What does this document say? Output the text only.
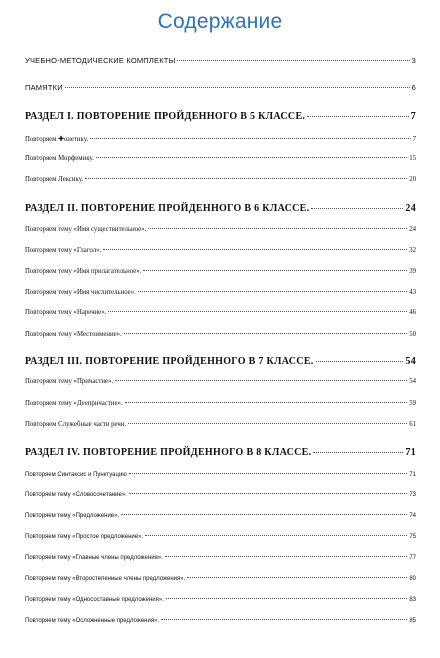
Содержание
УЧЕБНО-МЕТОДИЧЕСКИЕ КОМПЛЕКТЫ	3
ПАМЯТКИ	6
РАЗДЕЛ I. ПОВТОРЕНИЕ ПРОЙДЕННОГО В 5 КЛАССЕ.	7
Повторяем ✚онетику.	7
Повторяем Морфемику.	15
Повторяем Лексику.	20
РАЗДЕЛ II. ПОВТОРЕНИЕ ПРОЙДЕННОГО В 6 КЛАССЕ.	24
Повторяем тему «Имя существительное».	24
Повторяем тему «Глагол».	32
Повторяем тему «Имя прилагательное».	39
Повторяем тему «Имя числительное».	43
Повторяем тему «Наречие».	46
Повторяем тему «Местоимение».	50
РАЗДЕЛ III. ПОВТОРЕНИЕ ПРОЙДЕННОГО В 7 КЛАССЕ.	54
Повторяем тему «Причастие».	54
Повторяем тему «Деепричастие».	59
Повторяем Служебные части речи.	61
РАЗДЕЛ IV. ПОВТОРЕНИЕ ПРОЙДЕННОГО В 8 КЛАССЕ.	71
Повторяем Синтаксис и Пунктуацию	71
Повторяем тему «Словосочетание».	73
Повторяем тему «Предложение».	74
Повторяем тему «Простое предложение».	75
Повторяем тему «Главные члены предложения».	77
Повторяем тему «Второстепенные члены предложения».	80
Повторяем тему «Односоставные предложения».	83
Повторяем тему «Осложненные предложения».	85
